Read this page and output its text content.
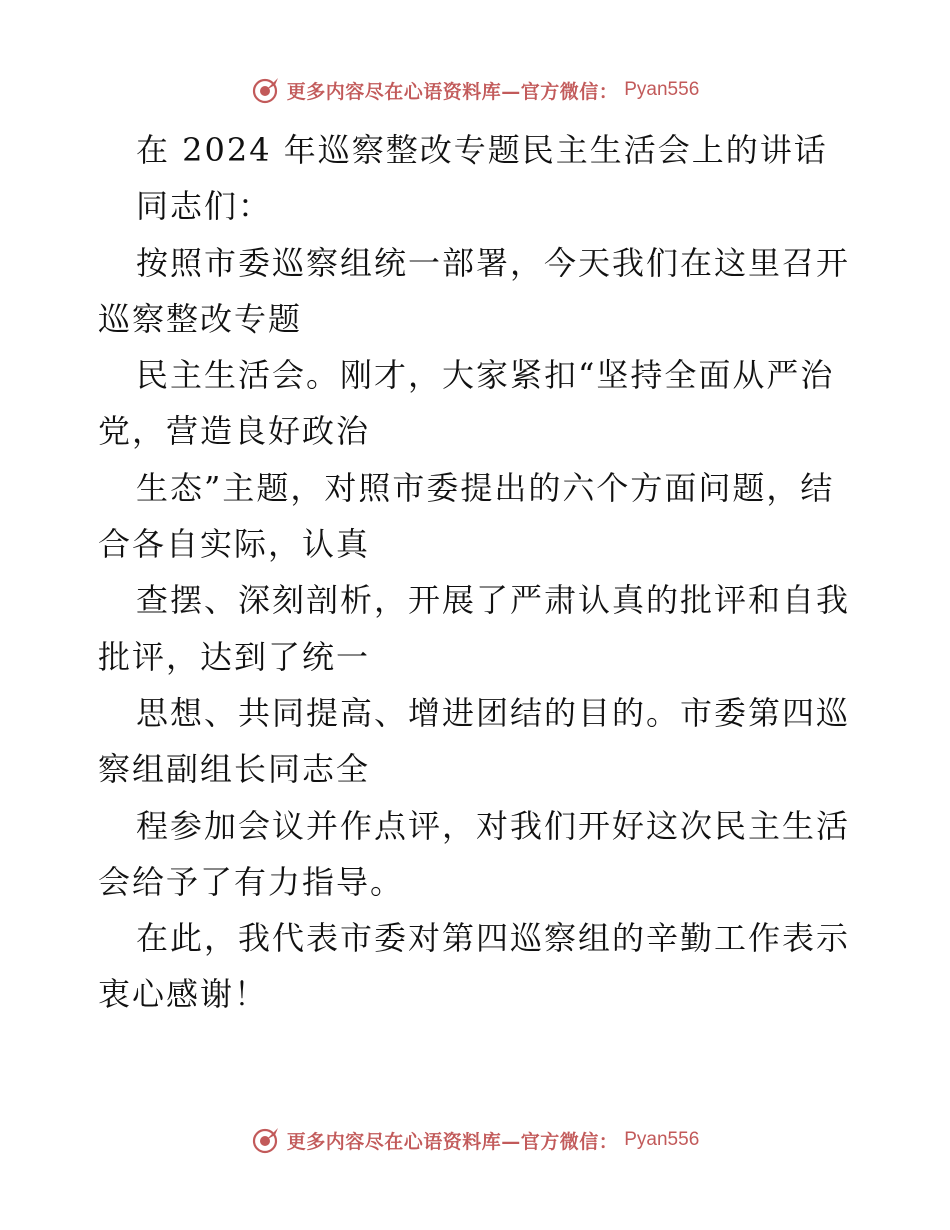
更多内容尽在心语资料库—官方微信： Pyan556
在 2024 年巡察整改专题民主生活会上的讲话
同志们：
按照市委巡察组统一部署，今天我们在这里召开
巡察整改专题
民主生活会。刚才，大家紧扣“坚持全面从严治
党，营造良好政治
生态”主题，对照市委提出的六个方面问题，结
合各自实际，认真
查摆、深刻剖析，开展了严肃认真的批评和自我
批评，达到了统一
思想、共同提高、增进团结的目的。市委第四巡
察组副组长同志全
程参加会议并作点评，对我们开好这次民主生活
会给予了有力指导。
在此，我代表市委对第四巡察组的辛勤工作表示
衷心感谢！
更多内容尽在心语资料库—官方微信： Pyan556
